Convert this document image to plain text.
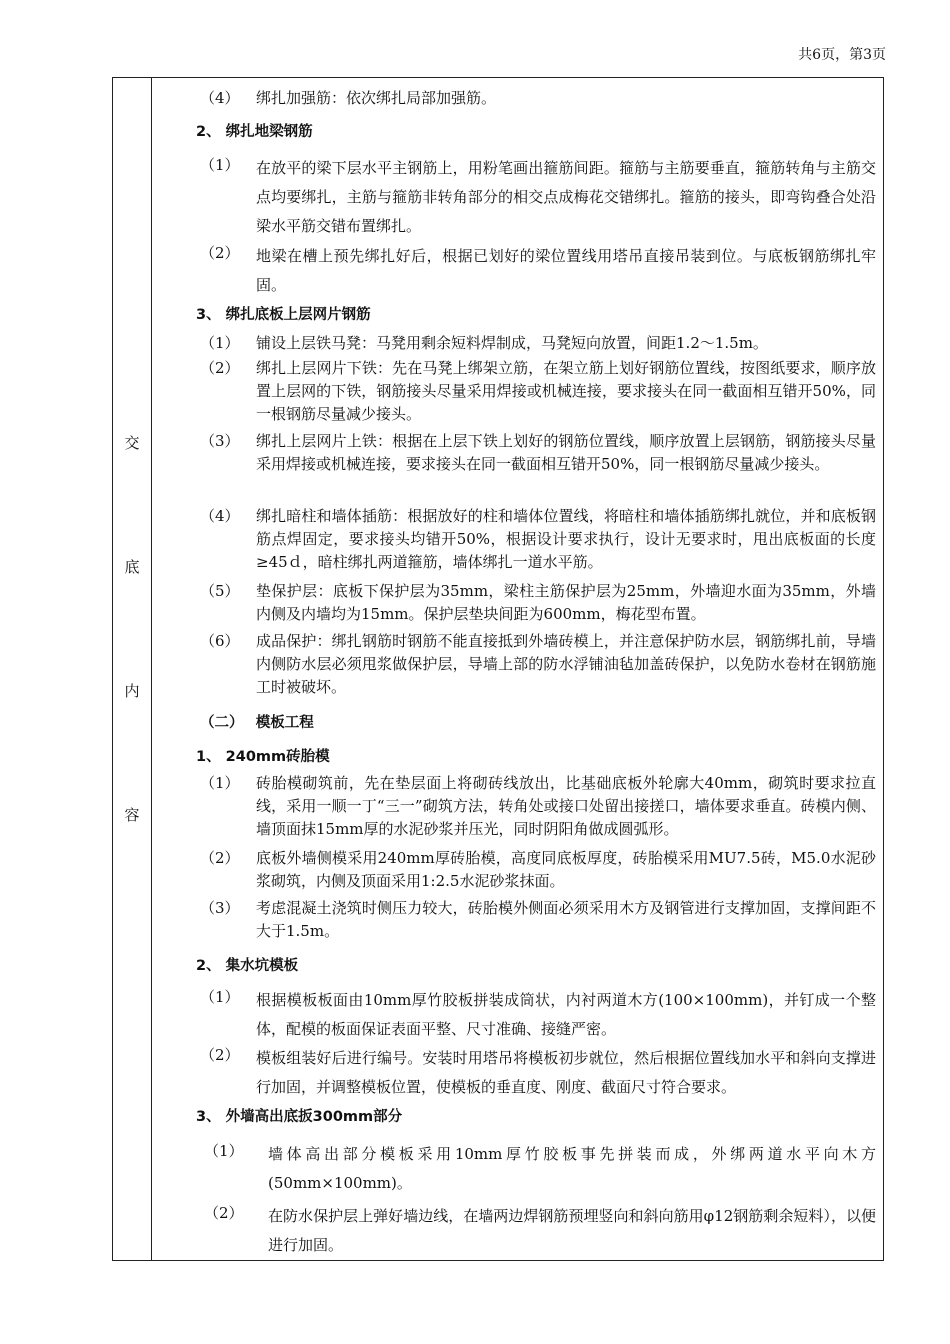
共6页，第3页
交
底
内
容
（4） 绑扎加强筋：依次绑扎局部加强筋。
2、 绑扎地梁钢筋
（1） 在放平的梁下层水平主钢筋上，用粉笔画出箍筋间距。箍筋与主筋要垂直，箍筋转角与主筋交点均要绑扎，主筋与箍筋非转角部分的相交点成梅花交错绑扎。箍筋的接头，即弯钩叠合处沿梁水平筋交错布置绑扎。
（2） 地梁在槽上预先绑扎好后，根据已划好的梁位置线用塔吊直接吊装到位。与底板钢筋绑扎牢固。
3、 绑扎底板上层网片钢筋
（1） 铺设上层铁马凳：马凳用剩余短料焊制成，马凳短向放置，间距1.2～1.5m。
（2） 绑扎上层网片下铁：先在马凳上绑架立筋，在架立筋上划好钢筋位置线，按图纸要求，顺序放置上层网的下铁，钢筋接头尽量采用焊接或机械连接，要求接头在同一截面相互错开50%，同一根钢筋尽量减少接头。
（3） 绑扎上层网片上铁：根据在上层下铁上划好的钢筋位置线，顺序放置上层钢筋，钢筋接头尽量采用焊接或机械连接，要求接头在同一截面相互错开50%，同一根钢筋尽量减少接头。
（4） 绑扎暗柱和墙体插筋：根据放好的柱和墙体位置线，将暗柱和墙体插筋绑扎就位，并和底板钢筋点焊固定，要求接头均错开50%，根据设计要求执行，设计无要求时，甩出底板面的长度≥45ｄ，暗柱绑扎两道箍筋，墙体绑扎一道水平筋。
（5） 垫保护层：底板下保护层为35mm，梁柱主筋保护层为25mm，外墙迎水面为35mm，外墙内侧及内墙均为15mm。保护层垫块间距为600mm，梅花型布置。
（6） 成品保护：绑扎钢筋时钢筋不能直接抵到外墙砖模上，并注意保护防水层，钢筋绑扎前，导墙内侧防水层必须甩浆做保护层，导墙上部的防水浮铺油毡加盖砖保护，以免防水卷材在钢筋施工时被破坏。
（二）　 模板工程
1、 240mm砖胎模
（1） 砖胎模砌筑前，先在垫层面上将砌砖线放出，比基础底板外轮廓大40mm，砌筑时要求拉直线，采用一顺一丁“三一”砌筑方法，转角处或接口处留出接搓口，墙体要求垂直。砖模内侧、墙顶面抹15mm厚的水泥砂浆并压光，同时阴阳角做成圆弧形。
（2） 底板外墙侧模采用240mm厚砖胎模，高度同底板厚度，砖胎模采用MU7.5砖，M5.0水泥砂浆砌筑，内侧及顶面采用1:2.5水泥砂浆抹面。
（3） 考虑混凝土浇筑时侧压力较大，砖胎模外侧面必须采用木方及钢管进行支撑加固，支撑间距不大于1.5m。
2、 集水坑模板
（1） 根据模板板面由10mm厚竹胶板拼装成筒状，内衬两道木方(100×100mm)，并钉成一个整体，配模的板面保证表面平整、尺寸准确、接缝严密。
（2） 模板组装好后进行编号。安装时用塔吊将模板初步就位，然后根据位置线加水平和斜向支撑进行加固，并调整模板位置，使模板的垂直度、刚度、截面尺寸符合要求。
3、 外墙高出底扳300mm部分
（1） 墙体高出部分模板采用10mm厚竹胶板事先拼装而成，外绑两道水平向木方(50mm×100mm)。
（2） 在防水保护层上弹好墙边线，在墙两边焊钢筋预埋竖向和斜向筋用φ12钢筋剩余短料），以便进行加固。
